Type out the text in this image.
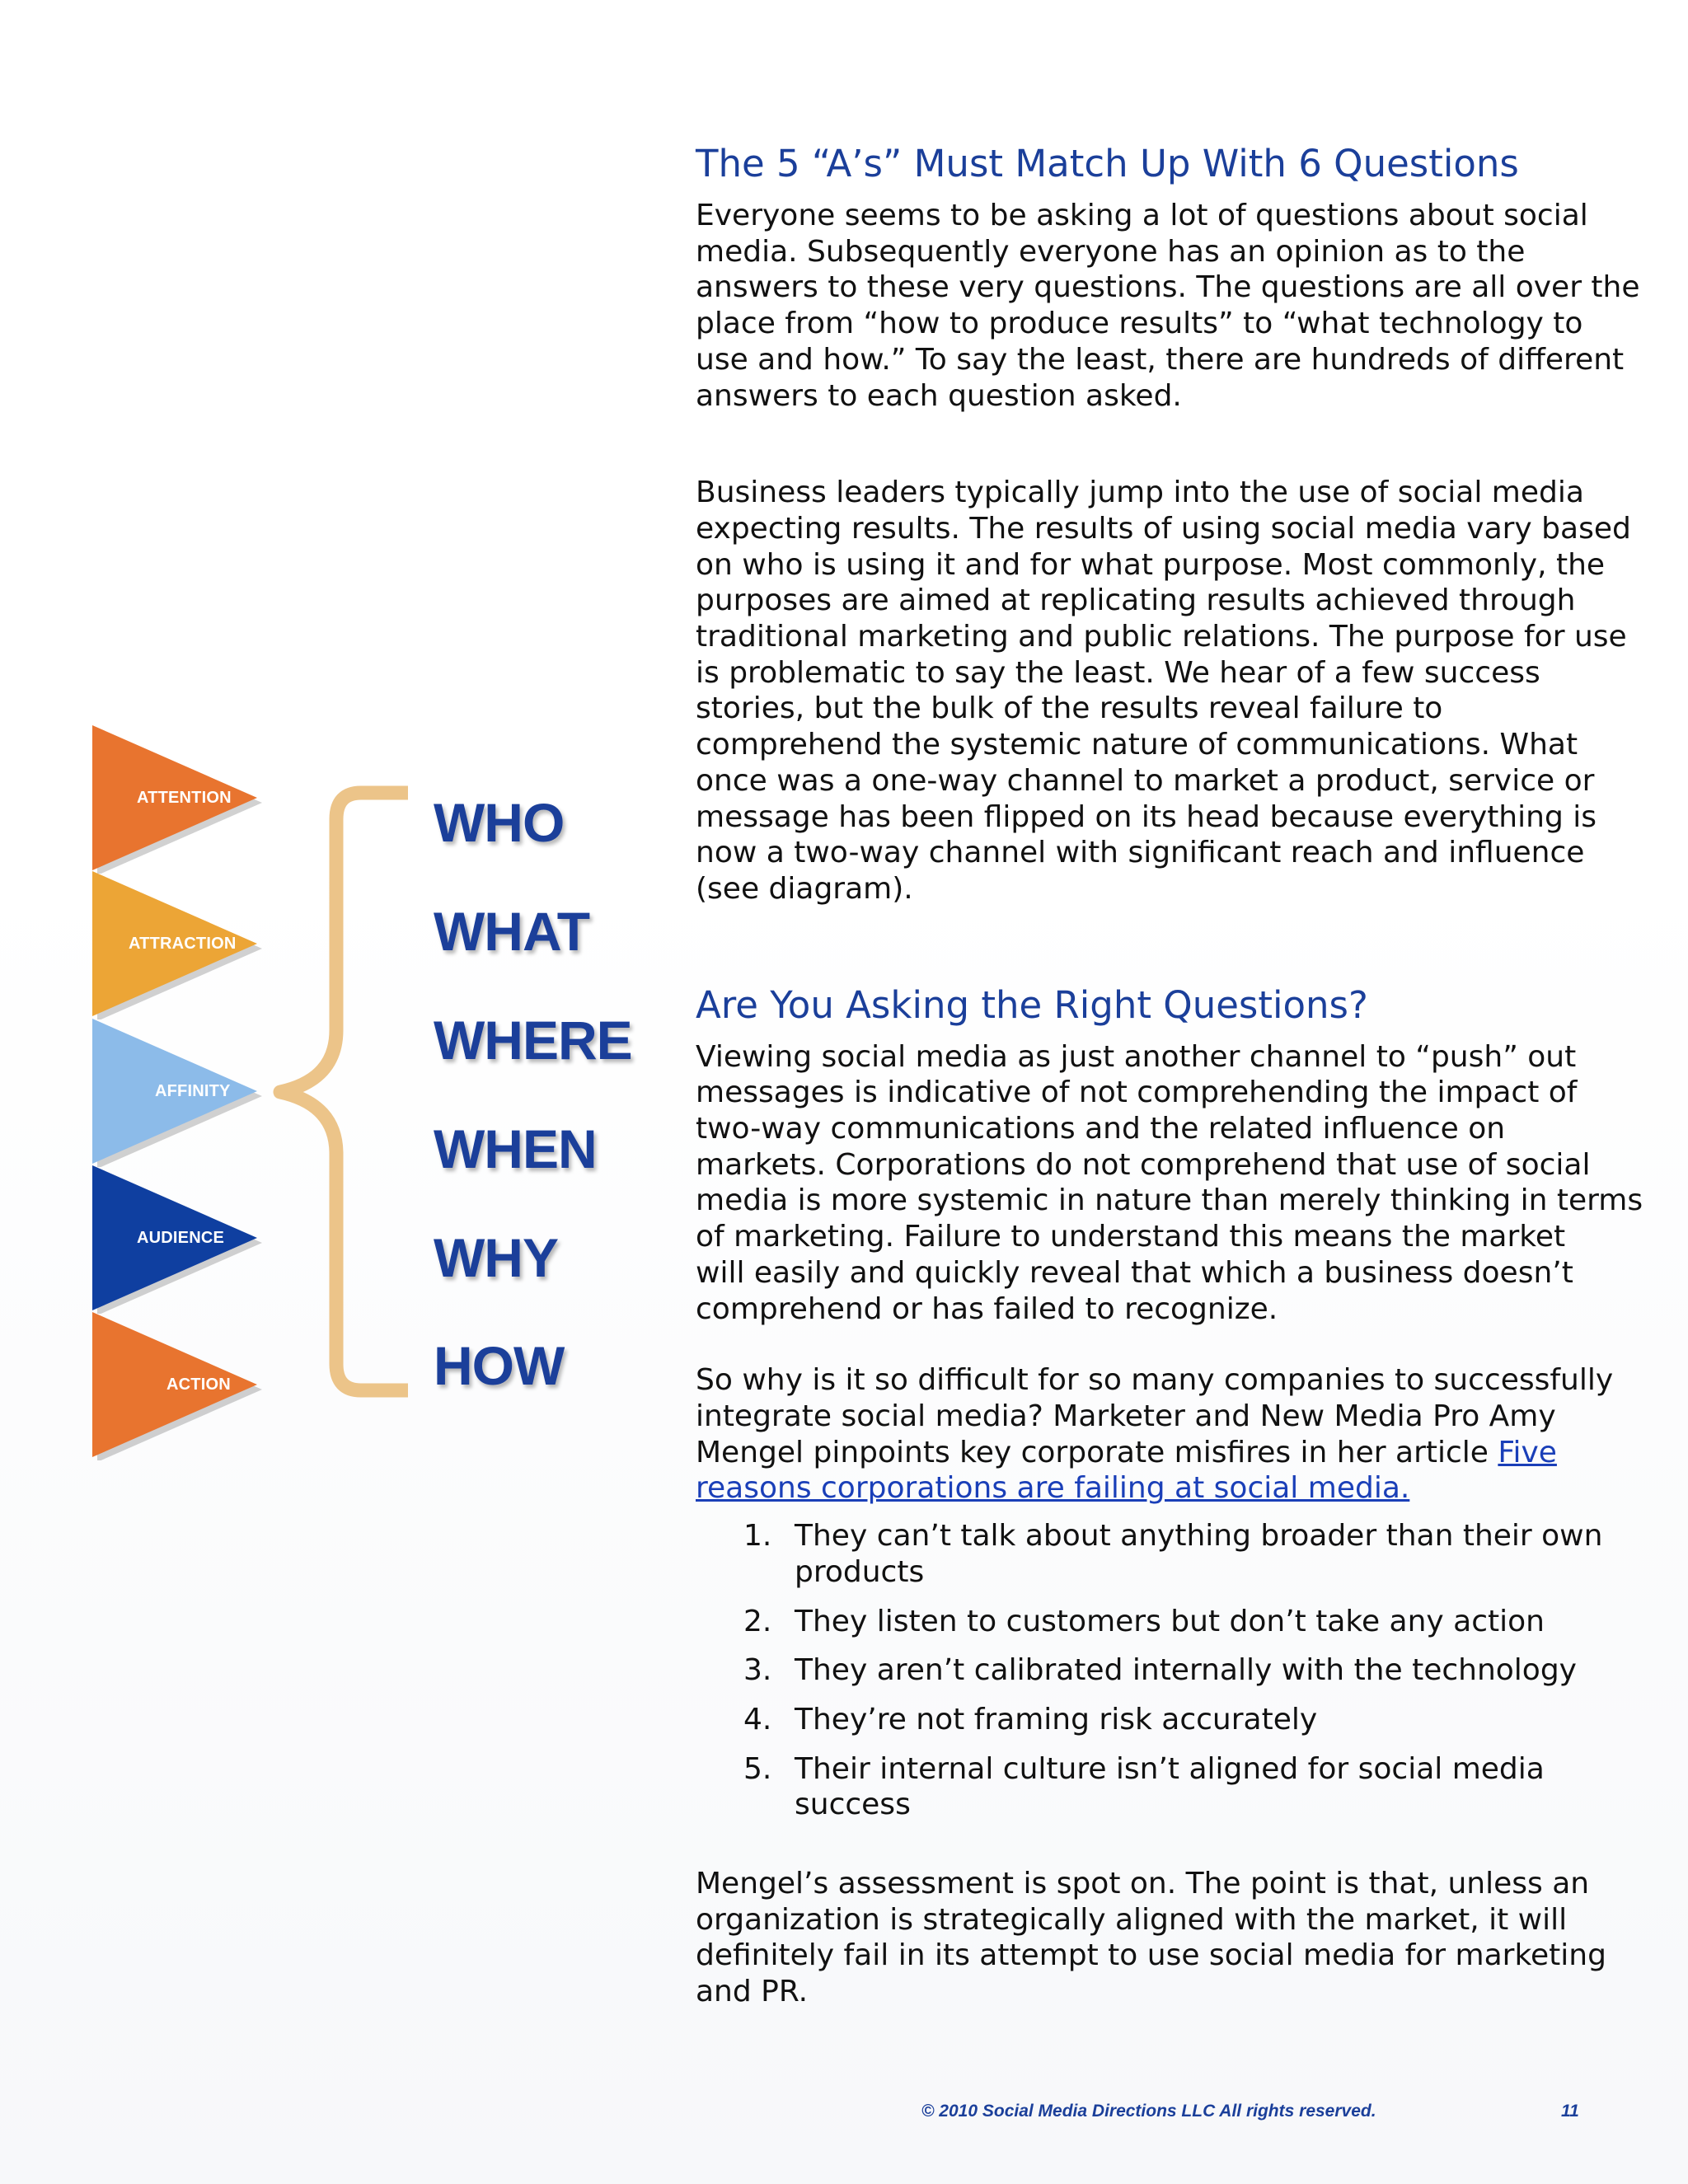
ATTENTION
ATTRACTION
AFFINITY
AUDIENCE
ACTION
WHO
WHAT
WHERE
WHEN
WHY
HOW
The 5 “A’s” Must Match Up With 6 Questions

Everyone seems to be asking a lot of questions about social
media. Subsequently everyone has an opinion as to the
answers to these very questions. The questions are all over the
place from “how to produce results” to “what technology to
use and how.” To say the least, there are hundreds of different
answers to each question asked.

Business leaders typically jump into the use of social media
expecting results. The results of using social media vary based
on who is using it and for what purpose. Most commonly, the
purposes are aimed at replicating results achieved through
traditional marketing and public relations. The purpose for use
is problematic to say the least. We hear of a few success
stories, but the bulk of the results reveal failure to
comprehend the systemic nature of communications. What
once was a one-way channel to market a product, service or
message has been flipped on its head because everything is
now a two-way channel with significant reach and influence
(see diagram).

Are You Asking the Right Questions?

Viewing social media as just another channel to “push” out
messages is indicative of not comprehending the impact of
two-way communications and the related influence on
markets. Corporations do not comprehend that use of social
media is more systemic in nature than merely thinking in terms
of marketing. Failure to understand this means the market
will easily and quickly reveal that which a business doesn’t
comprehend or has failed to recognize.

So why is it so difficult for so many companies to successfully
integrate social media? Marketer and New Media Pro Amy
Mengel pinpoints key corporate misfires in her article Five
reasons corporations are failing at social media.

1. They can’t talk about anything broader than their own
products
2. They listen to customers but don’t take any action
3. They aren’t calibrated internally with the technology
4. They’re not framing risk accurately
5. Their internal culture isn’t aligned for social media
success

Mengel’s assessment is spot on. The point is that, unless an
organization is strategically aligned with the market, it will
definitely fail in its attempt to use social media for marketing
and PR.

© 2010 Social Media Directions LLC All rights reserved.	11
